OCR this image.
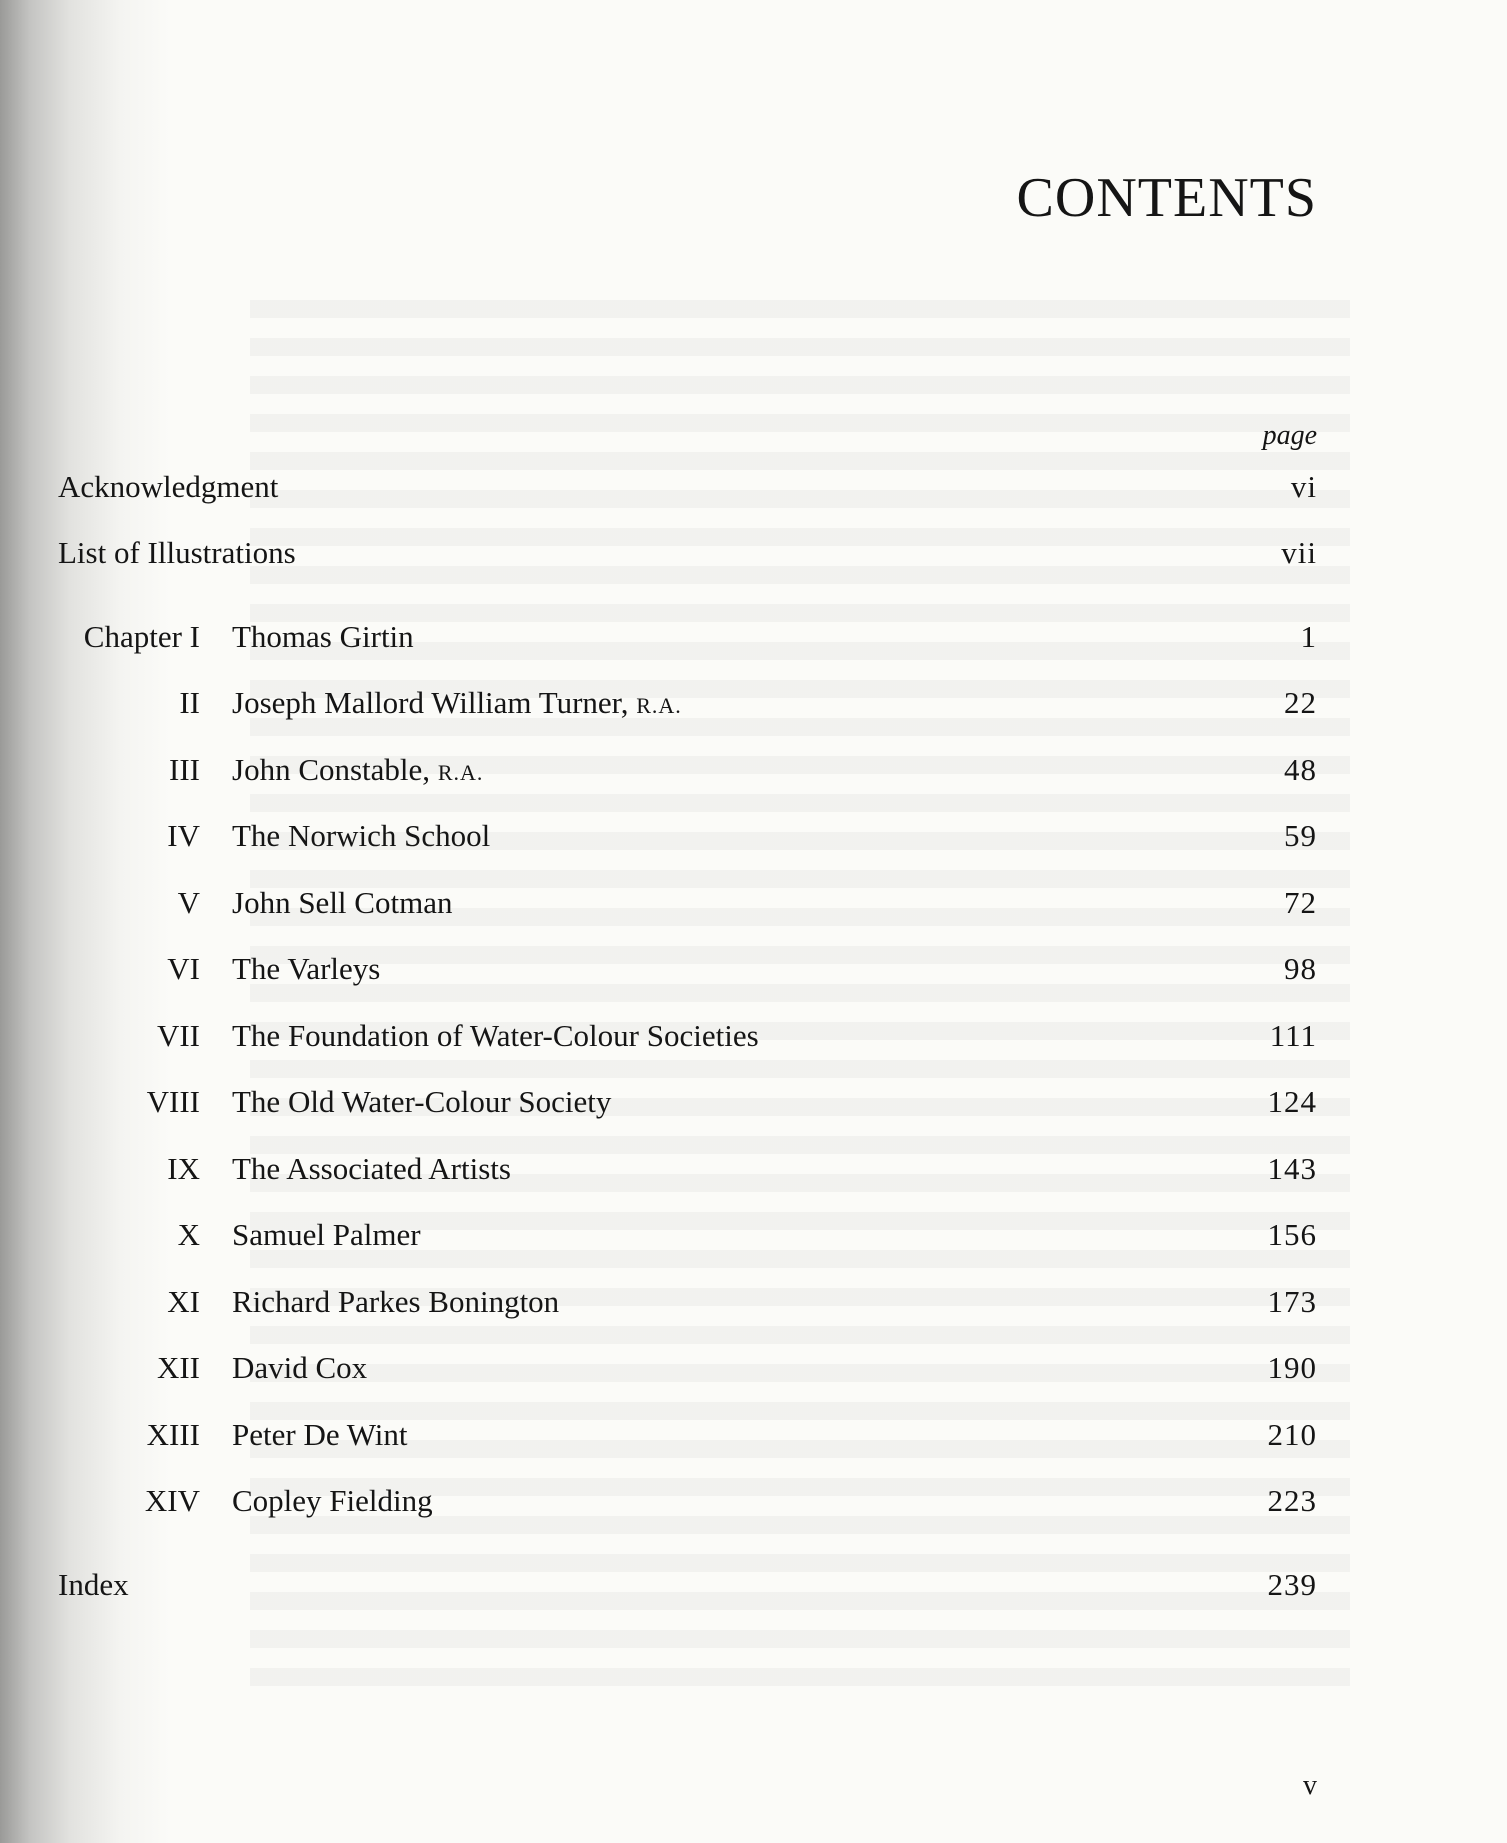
CONTENTS
page
Acknowledgment	vi
List of Illustrations	vii
Chapter I Thomas Girtin	1
II Joseph Mallord William Turner, R.A.	22
III John Constable, R.A.	48
IV The Norwich School	59
V John Sell Cotman	72
VI The Varleys	98
VII The Foundation of Water-Colour Societies	111
VIII The Old Water-Colour Society	124
IX The Associated Artists	143
X Samuel Palmer	156
XI Richard Parkes Bonington	173
XII David Cox	190
XIII Peter De Wint	210
XIV Copley Fielding	223
Index	239
v
